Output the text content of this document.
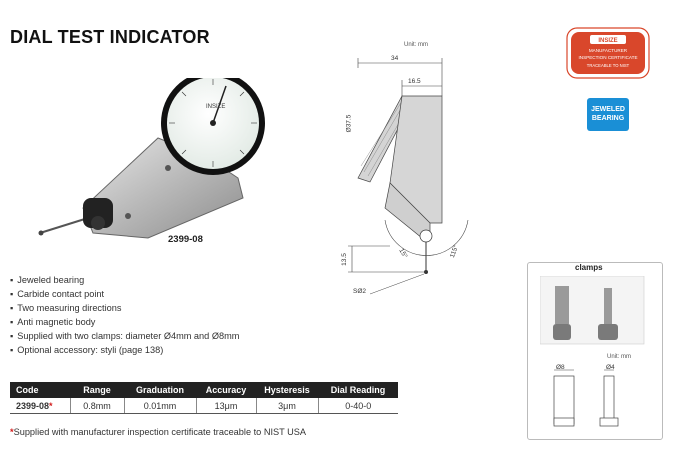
DIAL TEST INDICATOR
INSIZE
2399-08
Unit: mm
34
16.5
Ø37.5
13.5
SØ2
15°	115°
INSIZE
MANUFACTURER
INSPECTION CERTIFICATE
TRACEABLE TO NIST
JEWELED
BEARING
▪ Jeweled bearing
▪ Carbide contact point
▪ Two measuring directions
▪ Anti magnetic body
▪ Supplied with two clamps: diameter Ø4mm and Ø8mm
▪ Optional accessory: styli (page 138)
Code	Range	Graduation	Accuracy	Hysteresis	Dial Reading
2399-08*	0.8mm	0.01mm	13μm	3μm	0-40-0
*Supplied with manufacturer inspection certificate traceable to NIST USA
clamps
Unit: mm
Ø8	Ø4
